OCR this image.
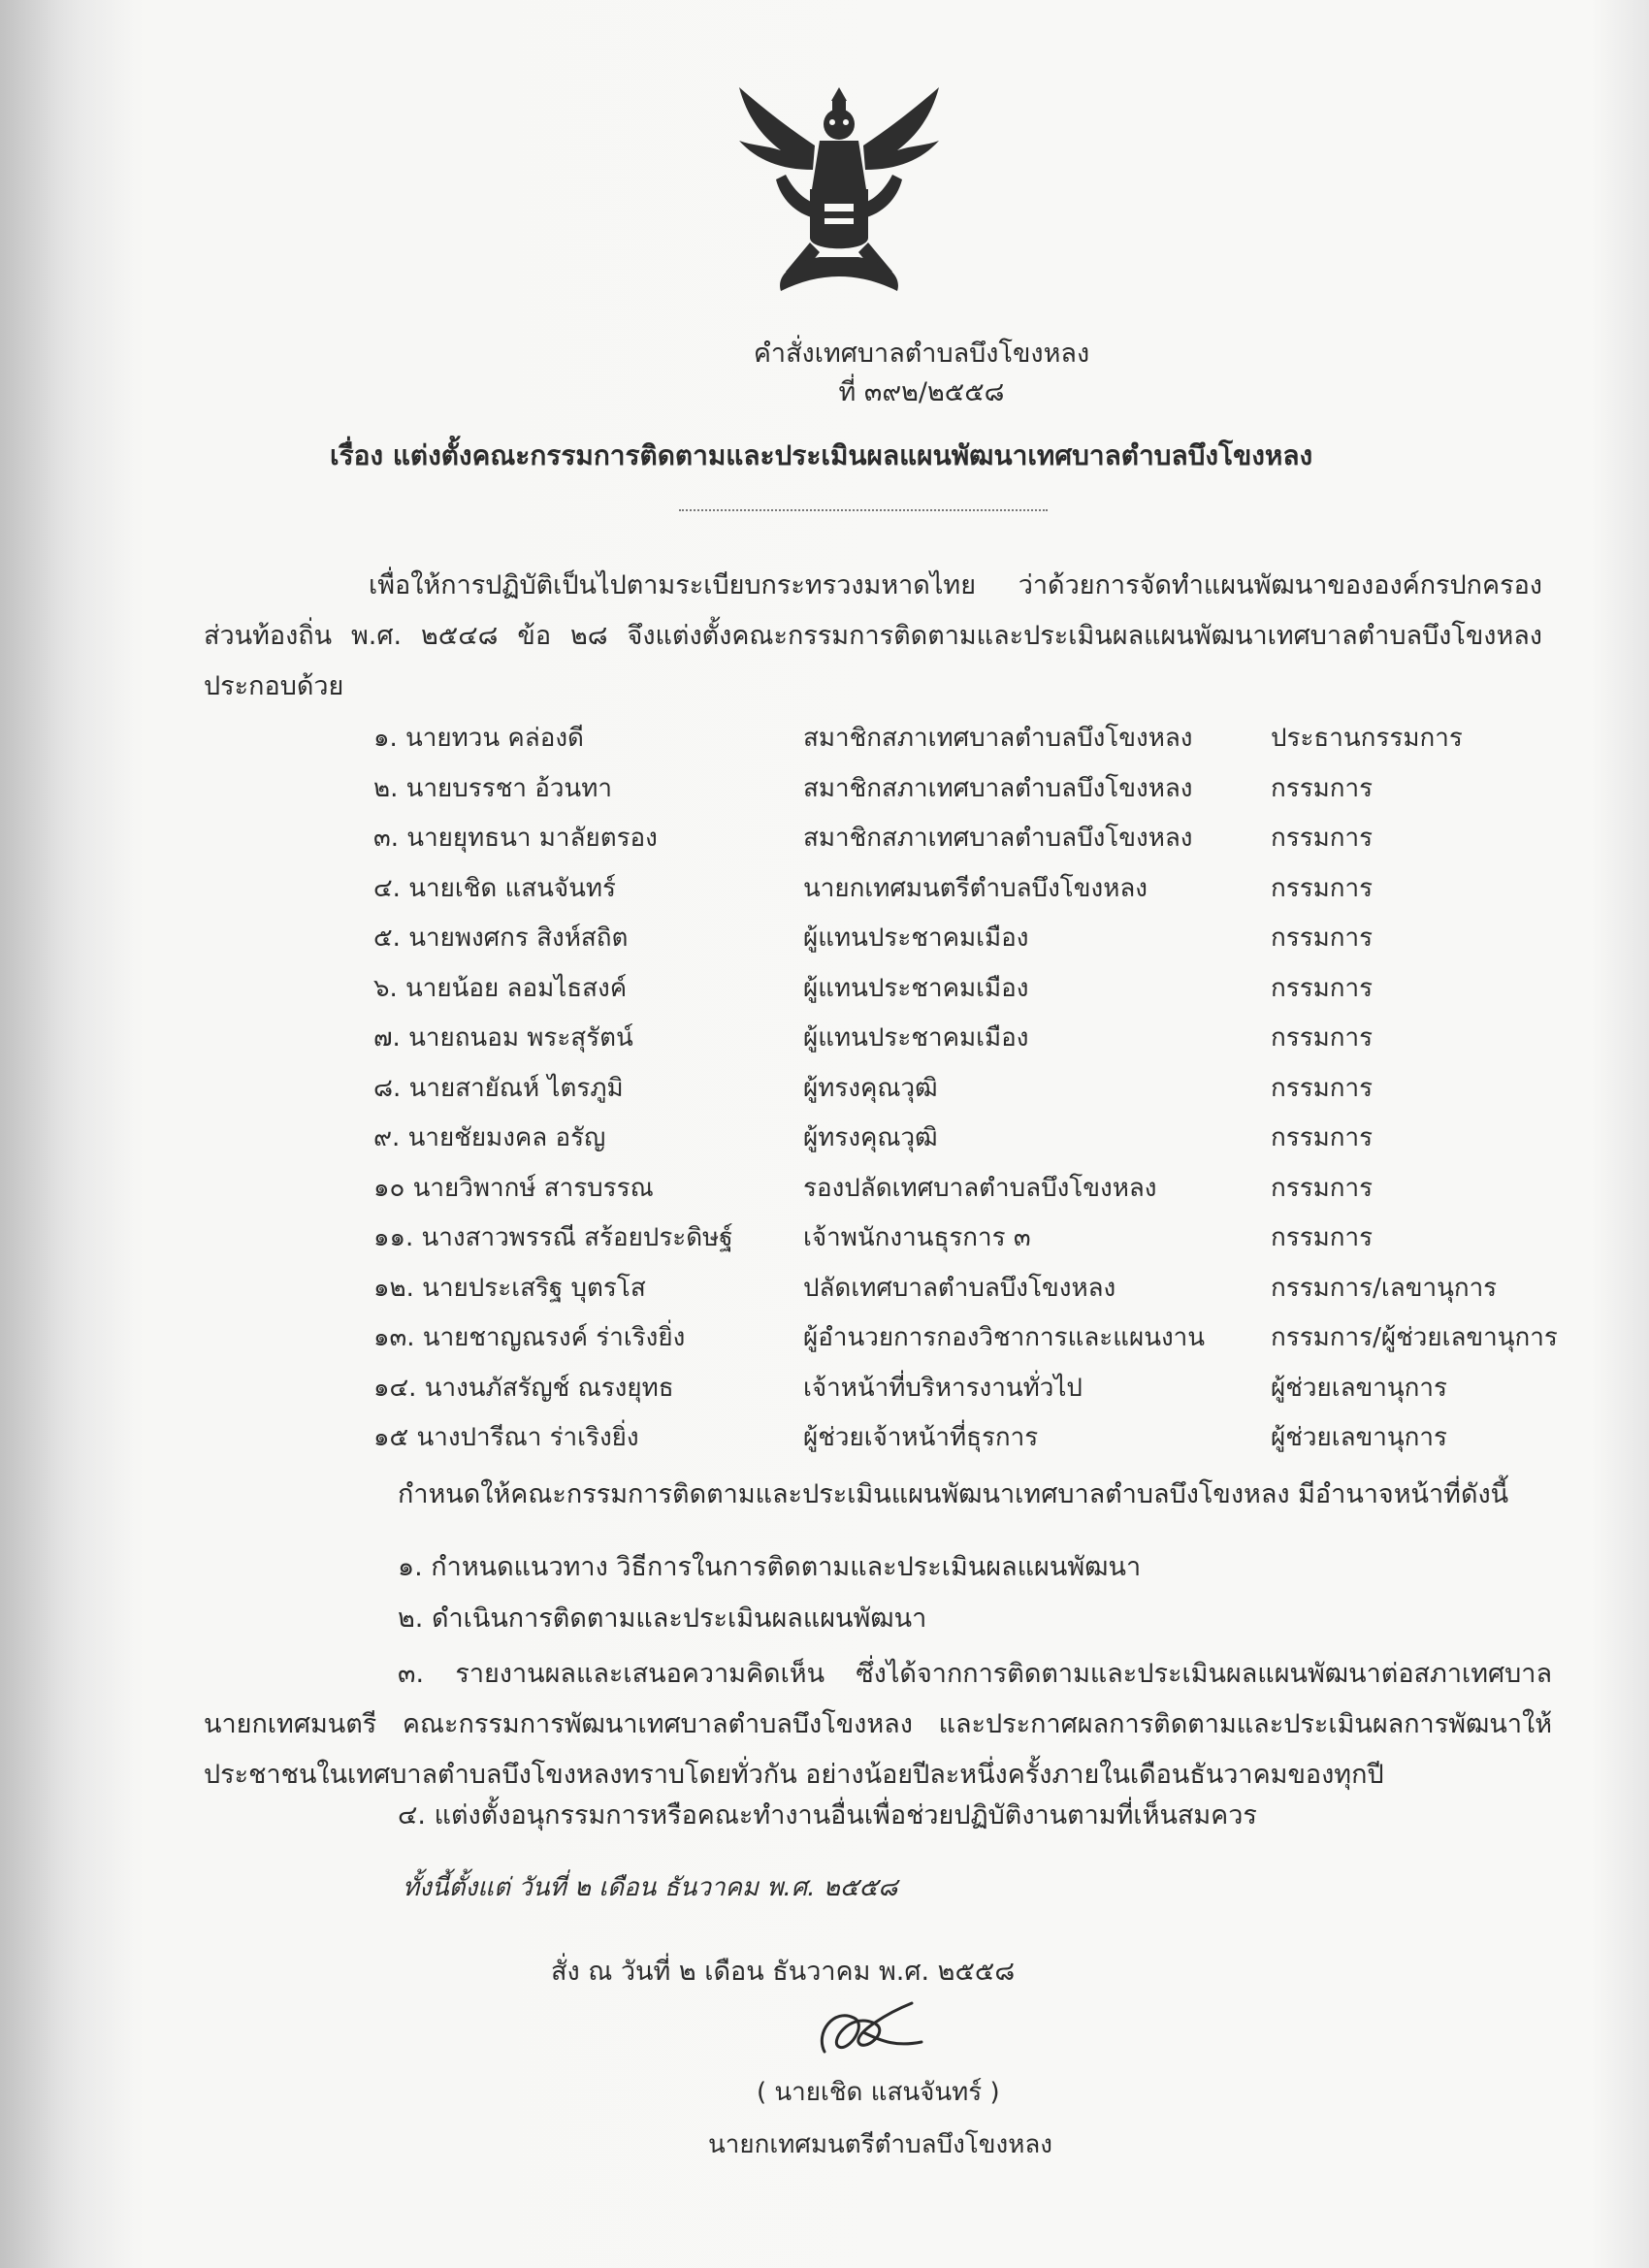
คำสั่งเทศบาลตำบลบึงโขงหลง
ที่ ๓๙๒/๒๕๕๘
เรื่อง แต่งตั้งคณะกรรมการติดตามและประเมินผลแผนพัฒนาเทศบาลตำบลบึงโขงหลง
เพื่อให้การปฏิบัติเป็นไปตามระเบียบกระทรวงมหาดไทย ว่าด้วยการจัดทำแผนพัฒนาขององค์กรปกครองส่วนท้องถิ่น พ.ศ. ๒๕๔๘ ข้อ ๒๘ จึงแต่งตั้งคณะกรรมการติดตามและประเมินผลแผนพัฒนาเทศบาลตำบลบึงโขงหลง ประกอบด้วย
๑. นายทวน คล่องดี	สมาชิกสภาเทศบาลตำบลบึงโขงหลง	ประธานกรรมการ
๒. นายบรรชา อ้วนทา	สมาชิกสภาเทศบาลตำบลบึงโขงหลง	กรรมการ
๓. นายยุทธนา มาลัยตรอง	สมาชิกสภาเทศบาลตำบลบึงโขงหลง	กรรมการ
๔. นายเชิด แสนจันทร์	นายกเทศมนตรีตำบลบึงโขงหลง	กรรมการ
๕. นายพงศกร สิงห์สถิต	ผู้แทนประชาคมเมือง	กรรมการ
๖. นายน้อย ลอมไธสงค์	ผู้แทนประชาคมเมือง	กรรมการ
๗. นายถนอม พระสุรัตน์	ผู้แทนประชาคมเมือง	กรรมการ
๘. นายสายัณห์ ไตรภูมิ	ผู้ทรงคุณวุฒิ	กรรมการ
๙. นายชัยมงคล อรัญ	ผู้ทรงคุณวุฒิ	กรรมการ
๑๐ นายวิพากษ์ สารบรรณ	รองปลัดเทศบาลตำบลบึงโขงหลง	กรรมการ
๑๑. นางสาวพรรณี สร้อยประดิษฐ์	เจ้าพนักงานธุรการ ๓	กรรมการ
๑๒. นายประเสริฐ บุตรโส	ปลัดเทศบาลตำบลบึงโขงหลง	กรรมการ/เลขานุการ
๑๓. นายชาญณรงค์ ร่าเริงยิ่ง	ผู้อำนวยการกองวิชาการและแผนงาน	กรรมการ/ผู้ช่วยเลขานุการ
๑๔. นางนภัสรัญช์ ณรงยุทธ	เจ้าหน้าที่บริหารงานทั่วไป	ผู้ช่วยเลขานุการ
๑๕ นางปารีณา ร่าเริงยิ่ง	ผู้ช่วยเจ้าหน้าที่ธุรการ	ผู้ช่วยเลขานุการ
กำหนดให้คณะกรรมการติดตามและประเมินแผนพัฒนาเทศบาลตำบลบึงโขงหลง มีอำนาจหน้าที่ดังนี้
๑. กำหนดแนวทาง วิธีการในการติดตามและประเมินผลแผนพัฒนา
๒. ดำเนินการติดตามและประเมินผลแผนพัฒนา
๓. รายงานผลและเสนอความคิดเห็น ซึ่งได้จากการติดตามและประเมินผลแผนพัฒนาต่อสภาเทศบาล นายกเทศมนตรี คณะกรรมการพัฒนาเทศบาลตำบลบึงโขงหลง และประกาศผลการติดตามและประเมินผลการพัฒนาให้ประชาชนในเทศบาลตำบลบึงโขงหลงทราบโดยทั่วกัน อย่างน้อยปีละหนึ่งครั้งภายในเดือนธันวาคมของทุกปี
๔. แต่งตั้งอนุกรรมการหรือคณะทำงานอื่นเพื่อช่วยปฏิบัติงานตามที่เห็นสมควร
ทั้งนี้ตั้งแต่ วันที่ ๒ เดือน ธันวาคม พ.ศ. ๒๕๕๘
สั่ง ณ วันที่ ๒ เดือน ธันวาคม พ.ศ. ๒๕๕๘
( นายเชิด แสนจันทร์ )
นายกเทศมนตรีตำบลบึงโขงหลง
